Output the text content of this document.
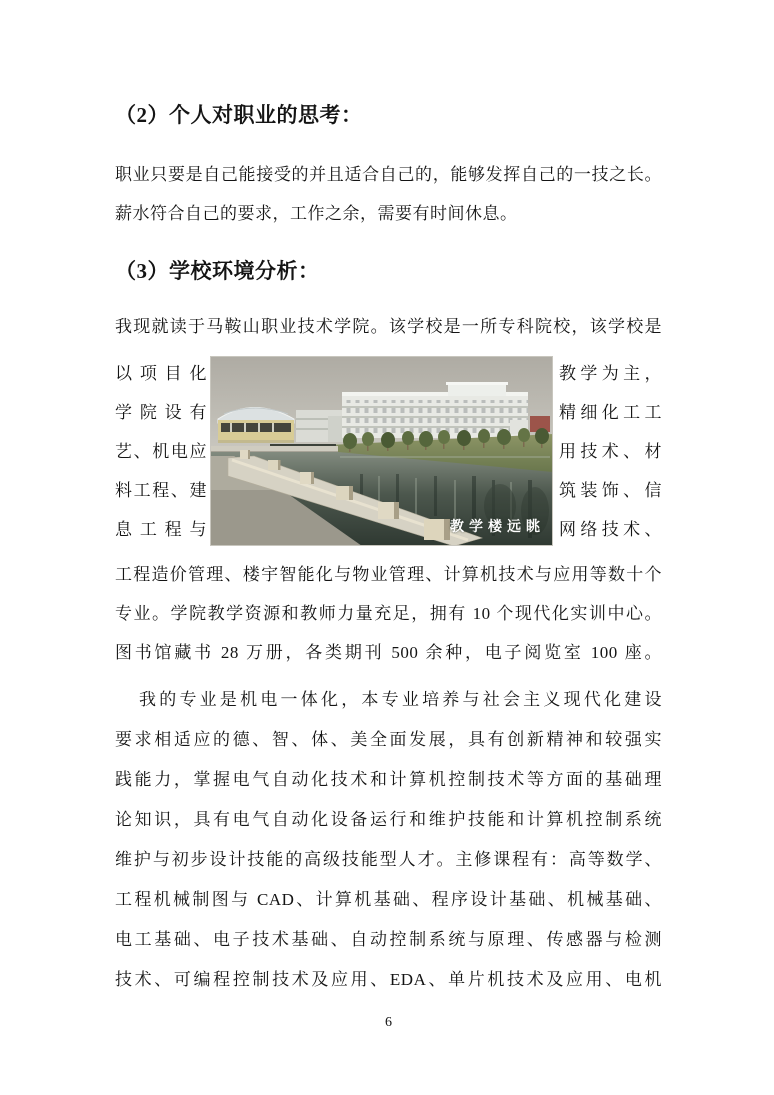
（2）个人对职业的思考：
职业只要是自己能接受的并且适合自己的，能够发挥自己的一技之长。
薪水符合自己的要求，工作之余，需要有时间休息。
（3）学校环境分析：
我现就读于马鞍山职业技术学院。该学校是一所专科院校，该学校是
以项目化
学院设有
艺、机电应
料工程、建
息工程与	教学楼远眺
教学为主，
精细化工工
用技术、材
筑装饰、信
网络技术、
工程造价管理、楼宇智能化与物业管理、计算机技术与应用等数十个
专业。学院教学资源和教师力量充足，拥有 10 个现代化实训中心。
图书馆藏书 28 万册，各类期刊 500 余种，电子阅览室 100 座。
我的专业是机电一体化，本专业培养与社会主义现代化建设
要求相适应的德、智、体、美全面发展，具有创新精神和较强实
践能力，掌握电气自动化技术和计算机控制技术等方面的基础理
论知识，具有电气自动化设备运行和维护技能和计算机控制系统
维护与初步设计技能的高级技能型人才。主修课程有：高等数学、
工程机械制图与 CAD、计算机基础、程序设计基础、机械基础、
电工基础、电子技术基础、自动控制系统与原理、传感器与检测
技术、可编程控制技术及应用、EDA、单片机技术及应用、电机
6
